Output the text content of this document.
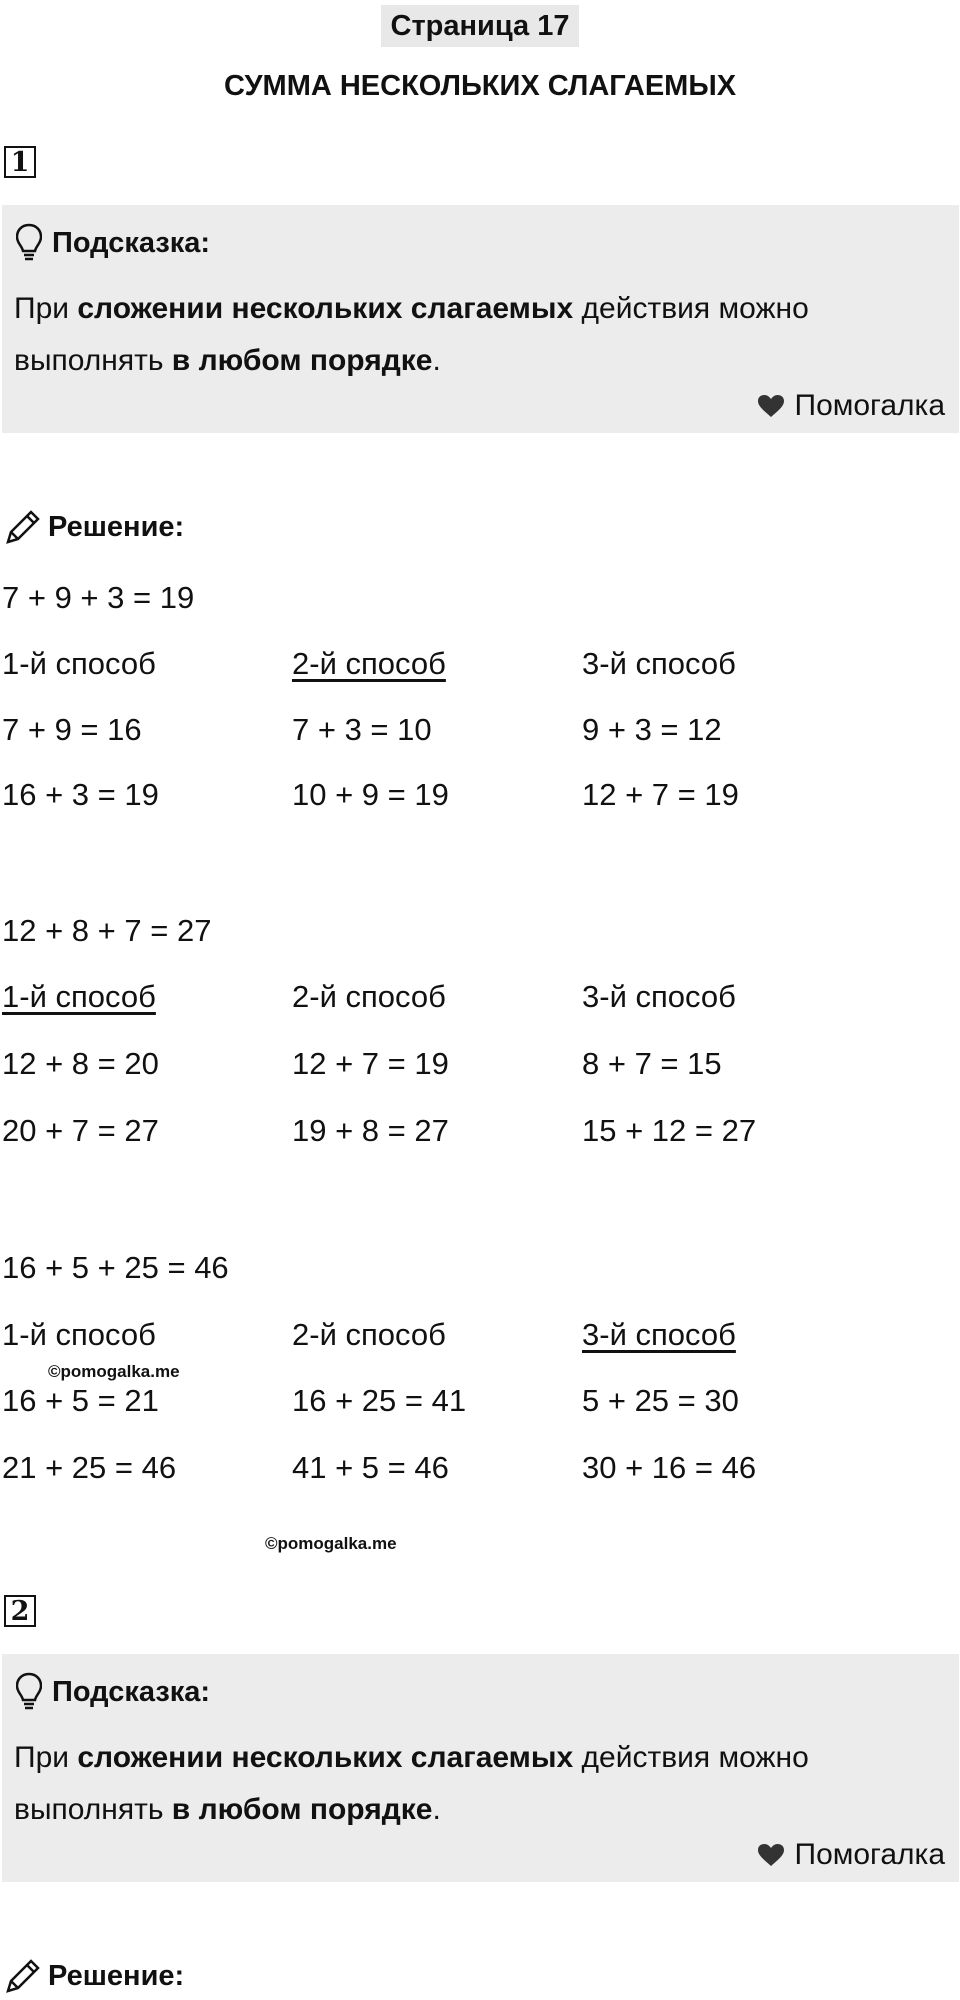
Страница 17
СУММА НЕСКОЛЬКИХ СЛАГАЕМЫХ
1
Подсказка:
При сложении нескольких слагаемых действия можно выполнять в любом порядке.
Помогалка
Решение:
7 + 9 + 3 = 19
1-й способ	2-й способ	3-й способ
7 + 9 = 16	7 + 3 = 10	9 + 3 = 12
16 + 3 = 19	10 + 9 = 19	12 + 7 = 19
12 + 8 + 7 = 27
1-й способ	2-й способ	3-й способ
12 + 8 = 20	12 + 7 = 19	8 + 7 = 15
20 + 7 = 27	19 + 8 = 27	15 + 12 = 27
16 + 5 + 25 = 46
1-й способ	2-й способ	3-й способ
©pomogalka.me
16 + 5 = 21	16 + 25 = 41	5 + 25 = 30
21 + 25 = 46	41 + 5 = 46	30 + 16 = 46
©pomogalka.me
2
Подсказка:
При сложении нескольких слагаемых действия можно выполнять в любом порядке.
Помогалка
Решение:
